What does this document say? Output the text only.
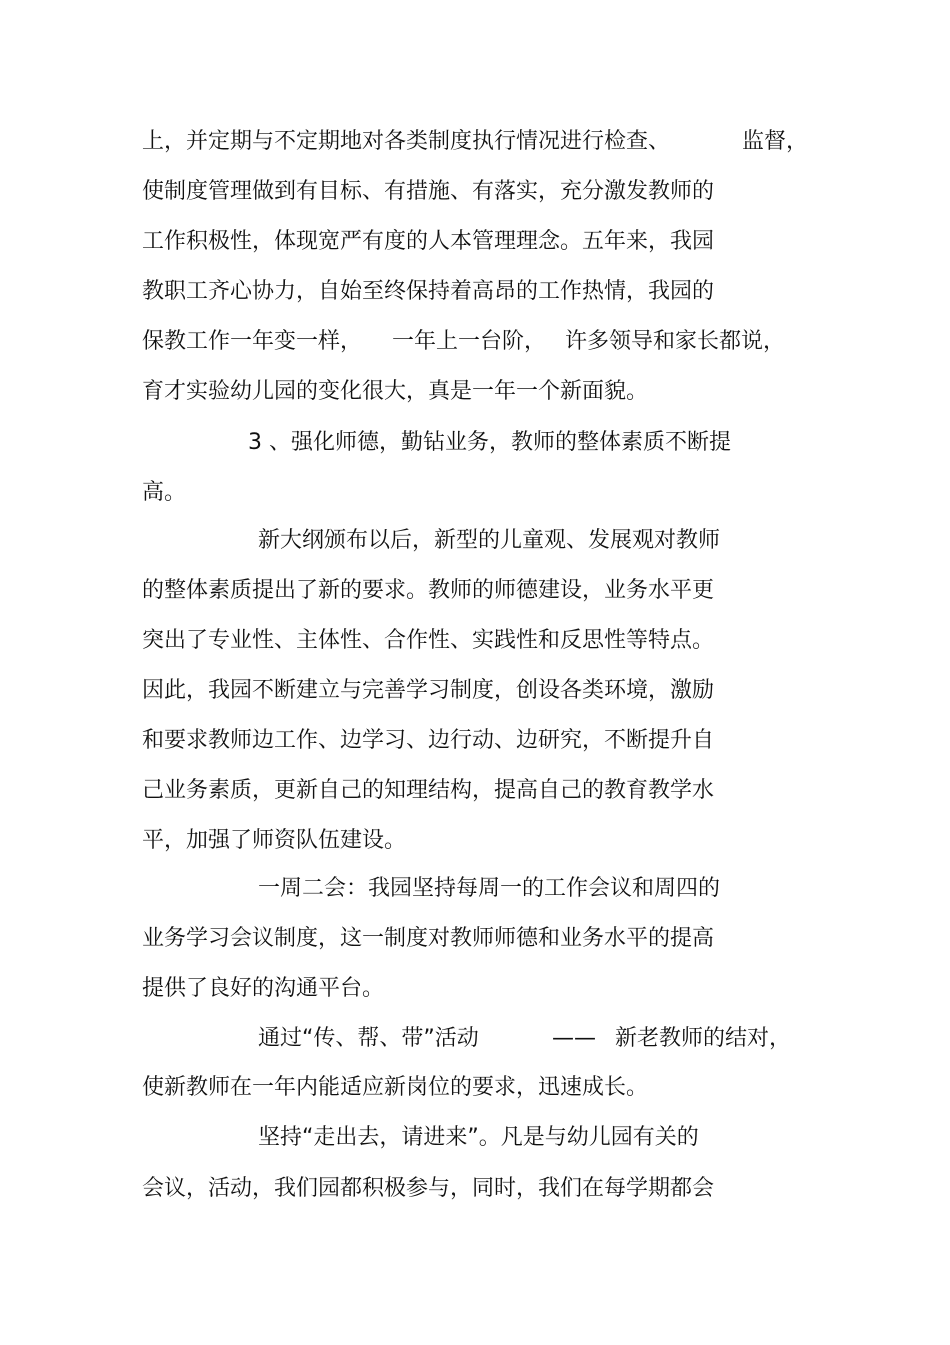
上，并定期与不定期地对各类制度执行情况进行检查、	监督，
使制度管理做到有目标、有措施、有落实，充分激发教师的
工作积极性，体现宽严有度的人本管理理念。五年来，我园
教职工齐心协力，自始至终保持着高昂的工作热情，我园的
保教工作一年变一样， 一年上一台阶， 许多领导和家长都说，
育才实验幼儿园的变化很大，真是一年一个新面貌。
3 、强化师德，勤钻业务，教师的整体素质不断提
高。
新大纲颁布以后，新型的儿童观、发展观对教师
的整体素质提出了新的要求。教师的师德建设，业务水平更
突出了专业性、主体性、合作性、实践性和反思性等特点。
因此，我园不断建立与完善学习制度，创设各类环境，激励
和要求教师边工作、边学习、边行动、边研究，不断提升自
己业务素质，更新自己的知理结构，提高自己的教育教学水
平，加强了师资队伍建设。
一周二会：我园坚持每周一的工作会议和周四的
业务学习会议制度，这一制度对教师师德和业务水平的提高
提供了良好的沟通平台。
通过“传、帮、带”活动	—— 新老教师的结对，
使新教师在一年内能适应新岗位的要求，迅速成长。
坚持“走出去，请进来”。凡是与幼儿园有关的
会议，活动，我们园都积极参与，同时，我们在每学期都会
